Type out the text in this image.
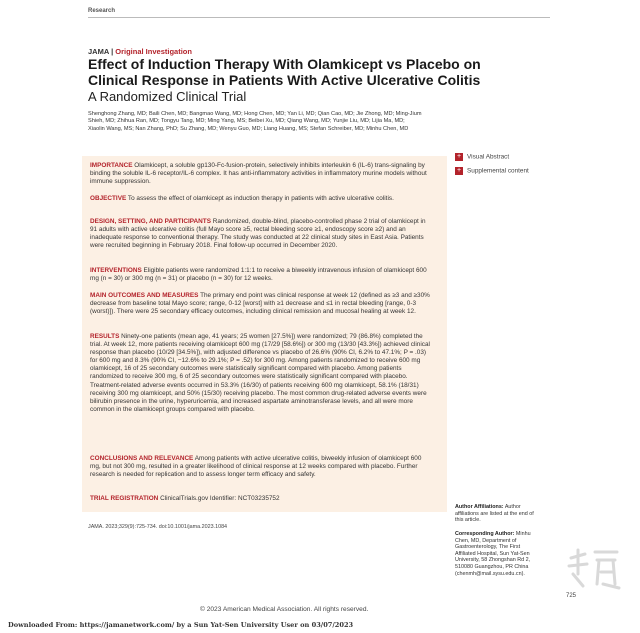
Research
JAMA | Original Investigation
Effect of Induction Therapy With Olamkicept vs Placebo on Clinical Response in Patients With Active Ulcerative Colitis
A Randomized Clinical Trial
Shenghong Zhang, MD; Baili Chen, MD; Bangmao Wang, MD; Hong Chen, MD; Yan Li, MD; Qian Cao, MD; Jie Zhong, MD; Ming-Jium Shieh, MD; Zhihua Ran, MD; Tongyu Tang, MD; Ming Yang, MS; Beibei Xu, MD; Qiang Wang, MD; Yunjie Liu, MD; Lijia Ma, MD; Xiaolin Wang, MS; Nan Zhang, PhD; Su Zhang, MD; Wenyu Guo, MD; Liang Huang, MS; Stefan Schreiber, MD; Minhu Chen, MD
IMPORTANCE Olamkicept, a soluble gp130-Fc-fusion-protein, selectively inhibits interleukin 6 (IL-6) trans-signaling by binding the soluble IL-6 receptor/IL-6 complex. It has anti-inflammatory activities in inflammatory murine models without immune suppression.
OBJECTIVE To assess the effect of olamkicept as induction therapy in patients with active ulcerative colitis.
DESIGN, SETTING, AND PARTICIPANTS Randomized, double-blind, placebo-controlled phase 2 trial of olamkicept in 91 adults with active ulcerative colitis (full Mayo score ≥5, rectal bleeding score ≥1, endoscopy score ≥2) and an inadequate response to conventional therapy. The study was conducted at 22 clinical study sites in East Asia. Patients were recruited beginning in February 2018. Final follow-up occurred in December 2020.
INTERVENTIONS Eligible patients were randomized 1:1:1 to receive a biweekly intravenous infusion of olamkicept 600 mg (n = 30) or 300 mg (n = 31) or placebo (n = 30) for 12 weeks.
MAIN OUTCOMES AND MEASURES The primary end point was clinical response at week 12 (defined as ≥3 and ≥30% decrease from baseline total Mayo score; range, 0-12 [worst] with ≥1 decrease and ≤1 in rectal bleeding [range, 0-3 (worst)]). There were 25 secondary efficacy outcomes, including clinical remission and mucosal healing at week 12.
RESULTS Ninety-one patients (mean age, 41 years; 25 women [27.5%]) were randomized; 79 (86.8%) completed the trial. At week 12, more patients receiving olamkicept 600 mg (17/29 [58.6%]) or 300 mg (13/30 [43.3%]) achieved clinical response than placebo (10/29 [34.5%]), with adjusted difference vs placebo of 26.6% (90% CI, 6.2% to 47.1%; P = .03) for 600 mg and 8.3% (90% CI, −12.6% to 29.1%; P = .52) for 300 mg. Among patients randomized to receive 600 mg olamkicept, 16 of 25 secondary outcomes were statistically significant compared with placebo. Among patients randomized to receive 300 mg, 6 of 25 secondary outcomes were statistically significant compared with placebo. Treatment-related adverse events occurred in 53.3% (16/30) of patients receiving 600 mg olamkicept, 58.1% (18/31) receiving 300 mg olamkicept, and 50% (15/30) receiving placebo. The most common drug-related adverse events were bilirubin presence in the urine, hyperuricemia, and increased aspartate aminotransferase levels, and all were more common in the olamkicept groups compared with placebo.
CONCLUSIONS AND RELEVANCE Among patients with active ulcerative colitis, biweekly infusion of olamkicept 600 mg, but not 300 mg, resulted in a greater likelihood of clinical response at 12 weeks compared with placebo. Further research is needed for replication and to assess longer term efficacy and safety.
TRIAL REGISTRATION ClinicalTrials.gov Identifier: NCT03235752
+ Visual Abstract
+ Supplemental content
Author Affiliations: Author affiliations are listed at the end of this article.
Corresponding Author: Minhu Chen, MD, Department of Gastroenterology, The First Affiliated Hospital, Sun Yat-Sen University, 58 Zhongshan Rd 2, 510080 Guangzhou, PR China (chenmh@mail.sysu.edu.cn).
JAMA. 2023;329(9):725-734. doi:10.1001/jama.2023.1084
725
© 2023 American Medical Association. All rights reserved.
Downloaded From: https://jamanetwork.com/ by a Sun Yat-Sen University User on 03/07/2023
